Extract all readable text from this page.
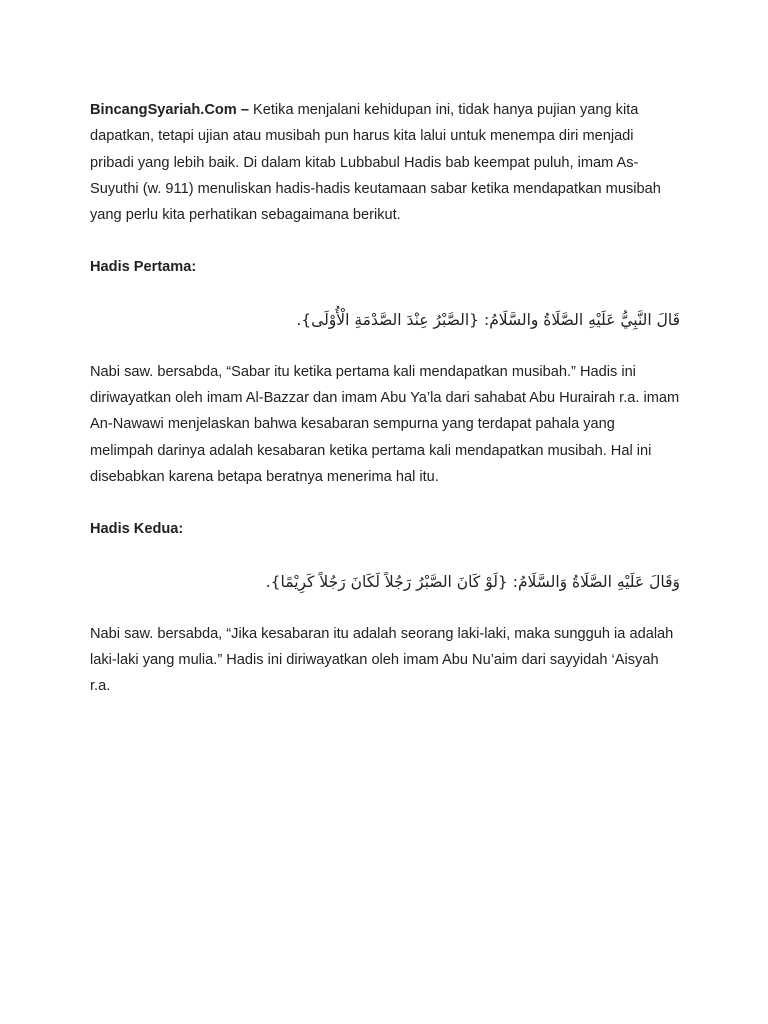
BincangSyariah.Com – Ketika menjalani kehidupan ini, tidak hanya pujian yang kita dapatkan, tetapi ujian atau musibah pun harus kita lalui untuk menempa diri menjadi pribadi yang lebih baik. Di dalam kitab Lubbabul Hadis bab keempat puluh, imam As-Suyuthi (w. 911) menuliskan hadis-hadis keutamaan sabar ketika mendapatkan musibah yang perlu kita perhatikan sebagaimana berikut.

Hadis Pertama:

قَالَ النَّبِيُّ عَلَيْهِ الصَّلَاةُ والسَّلَامُ: {الصَّبْرُ عِنْدَ الصَّدْمَةِ الْأُوْلَى}.

Nabi saw. bersabda, “Sabar itu ketika pertama kali mendapatkan musibah.” Hadis ini diriwayatkan oleh imam Al-Bazzar dan imam Abu Ya’la dari sahabat Abu Hurairah r.a. imam An-Nawawi menjelaskan bahwa kesabaran sempurna yang terdapat pahala yang melimpah darinya adalah kesabaran ketika pertama kali mendapatkan musibah. Hal ini disebabkan karena betapa beratnya menerima hal itu.

Hadis Kedua:

وَقَالَ عَلَيْهِ الصَّلَاةُ وَالسَّلَامُ: {لَوْ كَانَ الصَّبْرُ رَجُلاً لَكَانَ رَجُلاً كَرِيْمًا}.

Nabi saw. bersabda, “Jika kesabaran itu adalah seorang laki-laki, maka sungguh ia adalah laki-laki yang mulia.” Hadis ini diriwayatkan oleh imam Abu Nu’aim dari sayyidah ‘Aisyah r.a.
